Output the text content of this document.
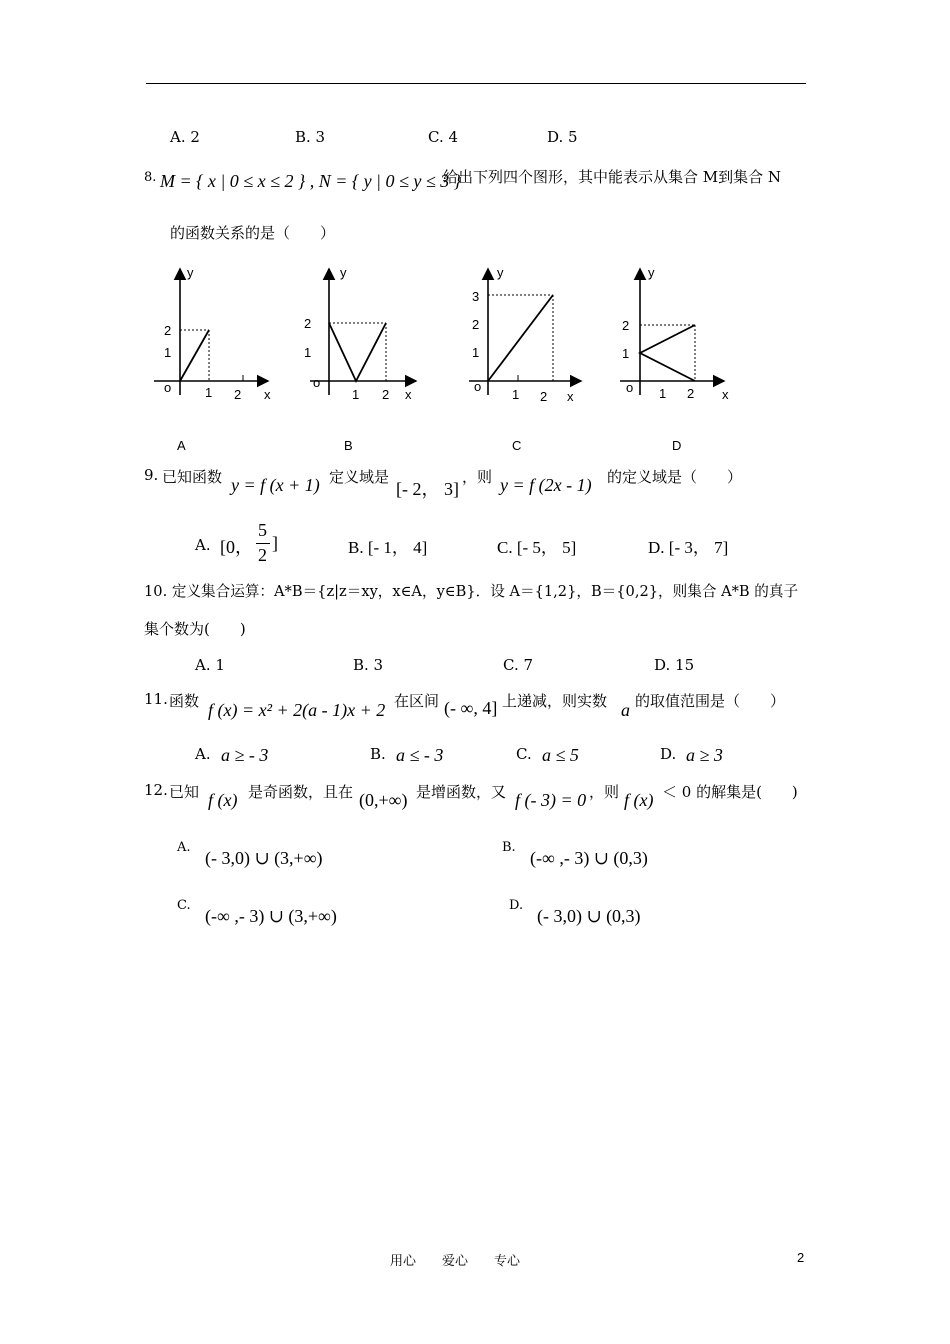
A. 2	B. 3	C. 4	D. 5
8. M = { x | 0 ≤ x ≤ 2 } , N = { y | 0 ≤ y ≤ 3 }
给出下列四个图形，其中能表示从集合 M到集合 N
的函数关系的是（　　）
y
x
o
2
1
1 2
A
y
x
o
2
1
1 2
B
y
x
o
3
2
1
1 2
C
y
x
o
2
1
1 2
D
9. 已知函数 y = f (x + 1) 定义域是
[- 2， 3]
，则 y = f (2x - 1) 的定义域是（　　）
A. [0，
5
2
]	B. [- 1， 4]	C. [- 5， 5]	D. [- 3， 7]
10. 定义集合运算：A*B＝{z|z＝xy，x∈A，y∈B}．设 A＝{1,2}，B＝{0,2}，则集合 A*B 的真子
集个数为(　　)
A. 1	B. 3	C. 7	D. 15
11. 函数 f (x) = x² + 2(a - 1)x + 2 在区间 (- ∞, 4] 上递减，则实数 a 的取值范围是（　　）
A. a ≥ - 3	B. a ≤ - 3	C. a ≤ 5	D. a ≥ 3
12. 已知 f (x) 是奇函数，且在 (0,+∞) 是增函数，又 f (- 3) = 0 ，则 f (x) ＜ 0 的解集是(　　)
A.
(- 3,0) ∪ (3,+∞)
B.
(-∞ ,- 3) ∪ (0,3)
C.
(-∞ ,- 3) ∪ (3,+∞)
D.
(- 3,0) ∪ (0,3)
用心　　爱心　　专心	2
